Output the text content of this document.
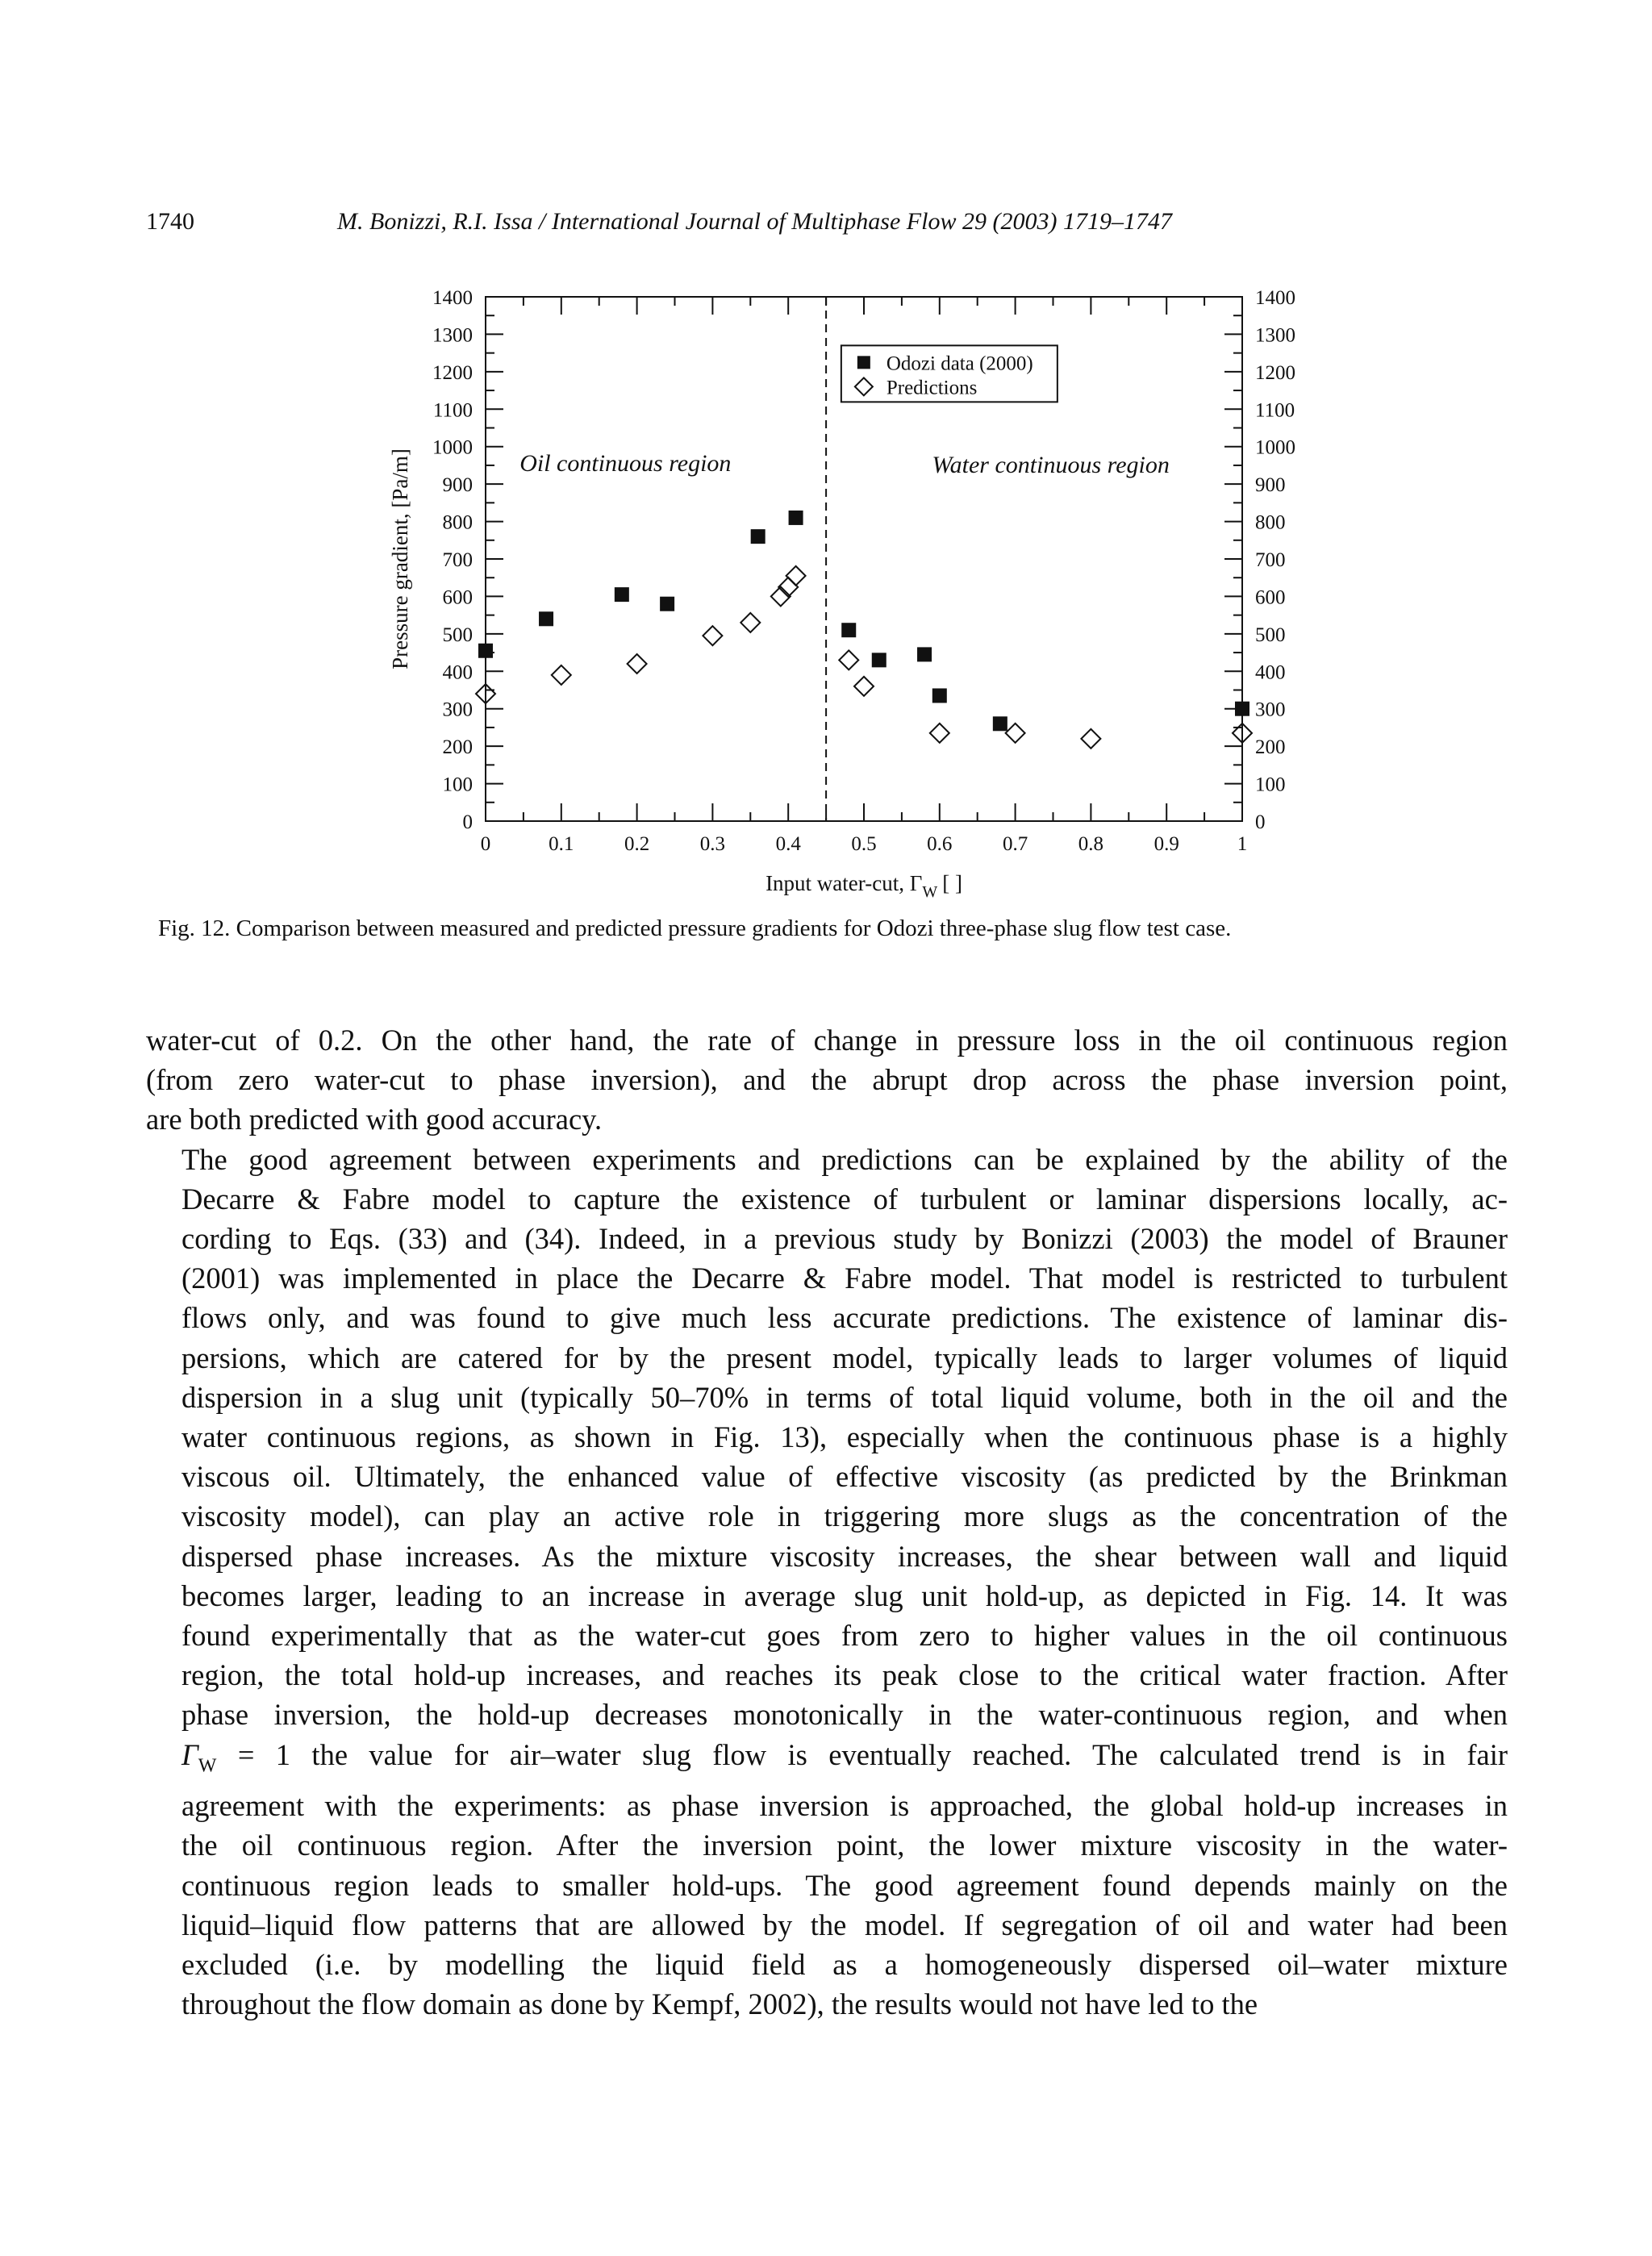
1740	M. Bonizzi, R.I. Issa / International Journal of Multiphase Flow 29 (2003) 1719–1747
0	0
100	100
200	200
300	300
400	400
500	500
600	600
700	700
800	800
900	900
1000	1000
1100	1100
1200	1200
1300	1300
1400	1400
0	0.1	0.2	0.3	0.4	0.5	0.6	0.7	0.8	0.9	1
Oil continuous region	Water continuous region
Odozi data (2000)
Predictions
Input water-cut, $\Gamma_W$ [ ]
Pressure gradient, [Pa/m]
Fig. 12. Comparison between measured and predicted pressure gradients for Odozi three-phase slug flow test case.

water-cut of 0.2. On the other hand, the rate of change in pressure loss in the oil continuous region
(from zero water-cut to phase inversion), and the abrupt drop across the phase inversion point,
are both predicted with good accuracy.

The good agreement between experiments and predictions can be explained by the ability of the
Decarre & Fabre model to capture the existence of turbulent or laminar dispersions locally, ac-
cording to Eqs. (33) and (34). Indeed, in a previous study by Bonizzi (2003) the model of Brauner
(2001) was implemented in place the Decarre & Fabre model. That model is restricted to turbulent
flows only, and was found to give much less accurate predictions. The existence of laminar dis-
persions, which are catered for by the present model, typically leads to larger volumes of liquid
dispersion in a slug unit (typically 50–70% in terms of total liquid volume, both in the oil and the
water continuous regions, as shown in Fig. 13), especially when the continuous phase is a highly
viscous oil. Ultimately, the enhanced value of effective viscosity (as predicted by the Brinkman
viscosity model), can play an active role in triggering more slugs as the concentration of the
dispersed phase increases. As the mixture viscosity increases, the shear between wall and liquid
becomes larger, leading to an increase in average slug unit hold-up, as depicted in Fig. 14. It was
found experimentally that as the water-cut goes from zero to higher values in the oil continuous
region, the total hold-up increases, and reaches its peak close to the critical water fraction. After
phase inversion, the hold-up decreases monotonically in the water-continuous region, and when
$\Gamma_W = 1$ the value for air–water slug flow is eventually reached. The calculated trend is in fair
agreement with the experiments: as phase inversion is approached, the global hold-up increases in
the oil continuous region. After the inversion point, the lower mixture viscosity in the water-
continuous region leads to smaller hold-ups. The good agreement found depends mainly on the
liquid–liquid flow patterns that are allowed by the model. If segregation of oil and water had been
excluded (i.e. by modelling the liquid field as a homogeneously dispersed oil–water mixture
throughout the flow domain as done by Kempf, 2002), the results would not have led to the
